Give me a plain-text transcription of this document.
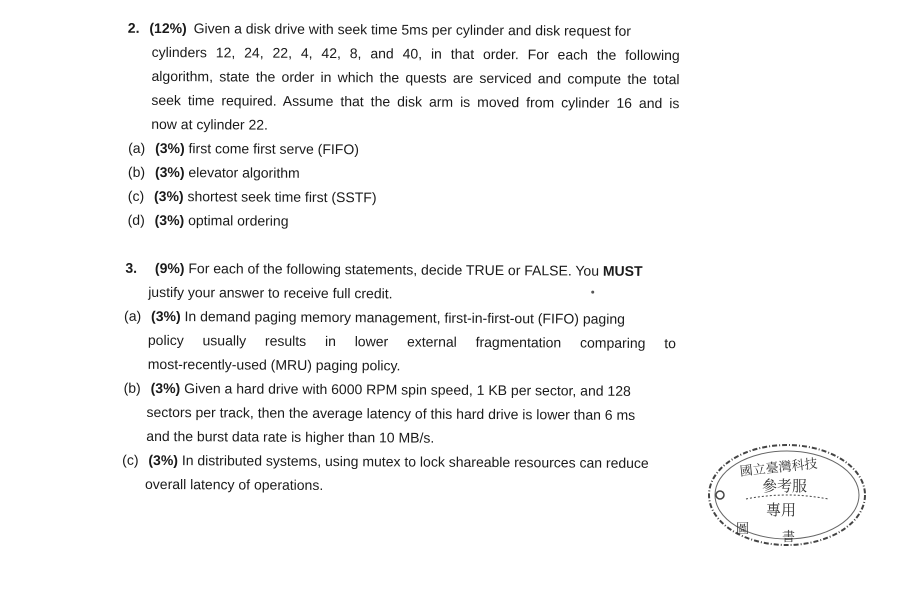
2. (12%) Given a disk drive with seek time 5ms per cylinder and disk request for
cylinders 12, 24, 22, 4, 42, 8, and 40, in that order. For each the following
algorithm, state the order in which the quests are serviced and compute the total
seek time required. Assume that the disk arm is moved from cylinder 16 and is
now at cylinder 22.
(a) (3%) first come first serve (FIFO)
(b) (3%) elevator algorithm
(c) (3%) shortest seek time first (SSTF)
(d) (3%) optimal ordering
3. (9%) For each of the following statements, decide TRUE or FALSE. You MUST
justify your answer to receive full credit.
(a) (3%) In demand paging memory management, first-in-first-out (FIFO) paging
policy usually results in lower external fragmentation comparing to
most-recently-used (MRU) paging policy.
(b) (3%) Given a hard drive with 6000 RPM spin speed, 1 KB per sector, and 128
sectors per track, then the average latency of this hard drive is lower than 6 ms
and the burst data rate is higher than 10 MB/s.
(c) (3%) In distributed systems, using mutex to lock shareable resources can reduce
overall latency of operations.
國立臺灣科技
參考服
專用
圖
書
